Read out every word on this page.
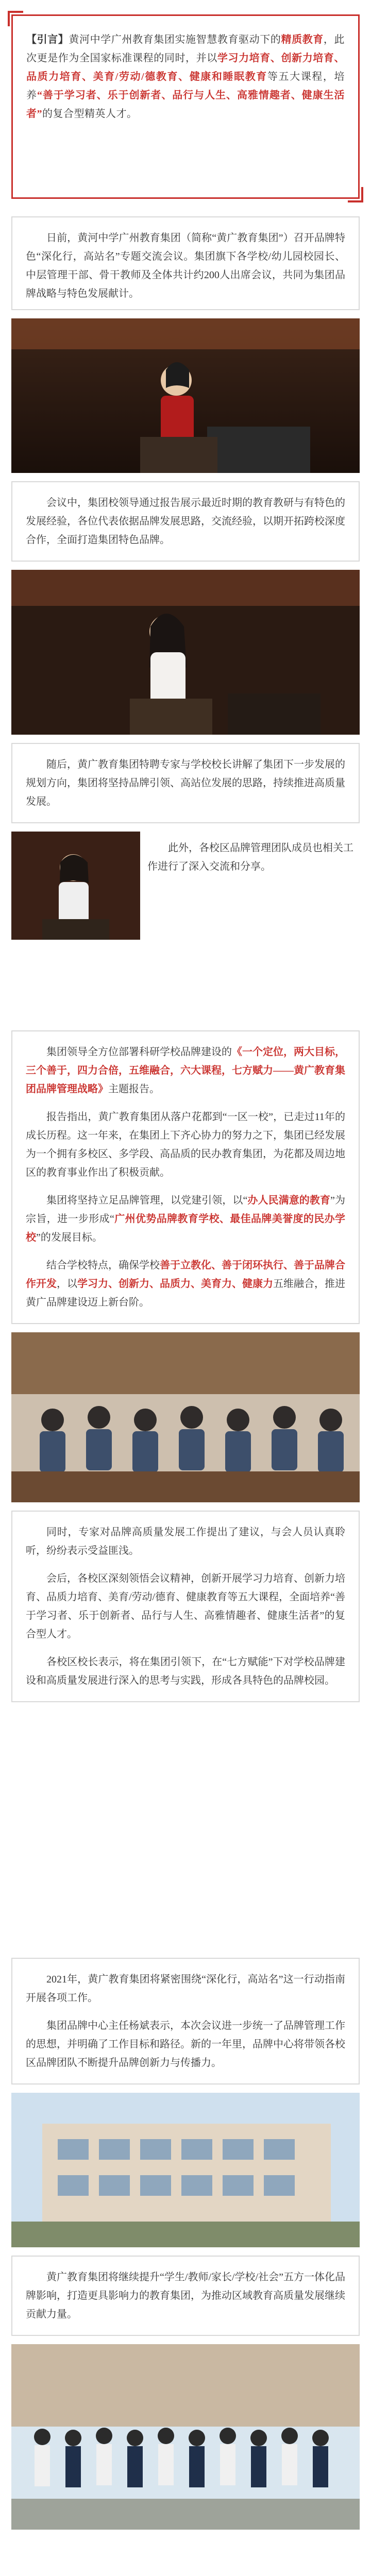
【引言】黄河中学广州教育集团实施智慧教育驱动下的精质教育，此次更是作为全国家标准课程的同时，并以学习力培育、创新力培育、品质力培育、美育/劳动/德教育、健康和睡眠教育等五大课程，培养“善于学习者、乐于创新者、品行与人生、高雅情趣者、健康生活者”的复合型精英人才。

日前，黄河中学广州教育集团（简称“黄广教育集团”）召开品牌特色“深化行，高站名”专题交流会议。集团旗下各学校/幼儿园校园长、中层管理干部、骨干教师及全体共计约200人出席会议，共同为集团品牌战略与特色发展献计。

会议中，集团校领导通过报告展示最近时期的教育教研与有特色的发展经验，各位代表依据品牌发展思路，交流经验，以期开拓跨校深度合作，全面打造集团特色品牌。

随后，黄广教育集团特聘专家与学校校长讲解了集团下一步发展的规划方向，集团将坚持品牌引领、高站位发展的思路，持续推进高质量发展。

此外，各校区品牌管理团队成员也相关工作进行了深入交流和分享。

集团领导全方位部署科研学校品牌建设的《一个定位，两大目标，三个善于，四力合倍，五维融合，六大课程，七方赋力——黄广教育集团品牌管理战略》主题报告。

报告指出，黄广教育集团从落户花都到“一区一校”，已走过11年的成长历程。这一年来，在集团上下齐心协力的努力之下，集团已经发展为一个拥有多校区、多学段、高品质的民办教育集团，为花都及周边地区的教育事业作出了积极贡献。

集团将坚持立足品牌管理，以党建引领，以“办人民满意的教育”为宗旨，进一步形成“广州优势品牌教育学校、最佳品牌美誉度的民办学校”的发展目标。

结合学校特点，确保学校善于立教化、善于闭环执行、善于品牌合作开发，以学习力、创新力、品质力、美育力、健康力五维融合，推进黄广品牌建设迈上新台阶。

同时，专家对品牌高质量发展工作提出了建议，与会人员认真聆听，纷纷表示受益匪浅。

会后，各校区深刻领悟会议精神，创新开展学习力培育、创新力培育、品质力培育、美育/劳动/德育、健康教育等五大课程，全面培养“善于学习者、乐于创新者、品行与人生、高雅情趣者、健康生活者”的复合型人才。

各校区校长表示，将在集团引领下，在“七方赋能”下对学校品牌建设和高质量发展进行深入的思考与实践，形成各具特色的品牌校园。

2021年，黄广教育集团将紧密围绕“深化行，高站名”这一行动指南开展各项工作。

集团品牌中心主任杨斌表示，本次会议进一步统一了品牌管理工作的思想，并明确了工作目标和路径。新的一年里，品牌中心将带领各校区品牌团队不断提升品牌创新力与传播力。

黄广教育集团将继续提升“学生/教师/家长/学校/社会”五方一体化品牌影响，打造更具影响力的教育集团，为推动区域教育高质量发展继续贡献力量。
